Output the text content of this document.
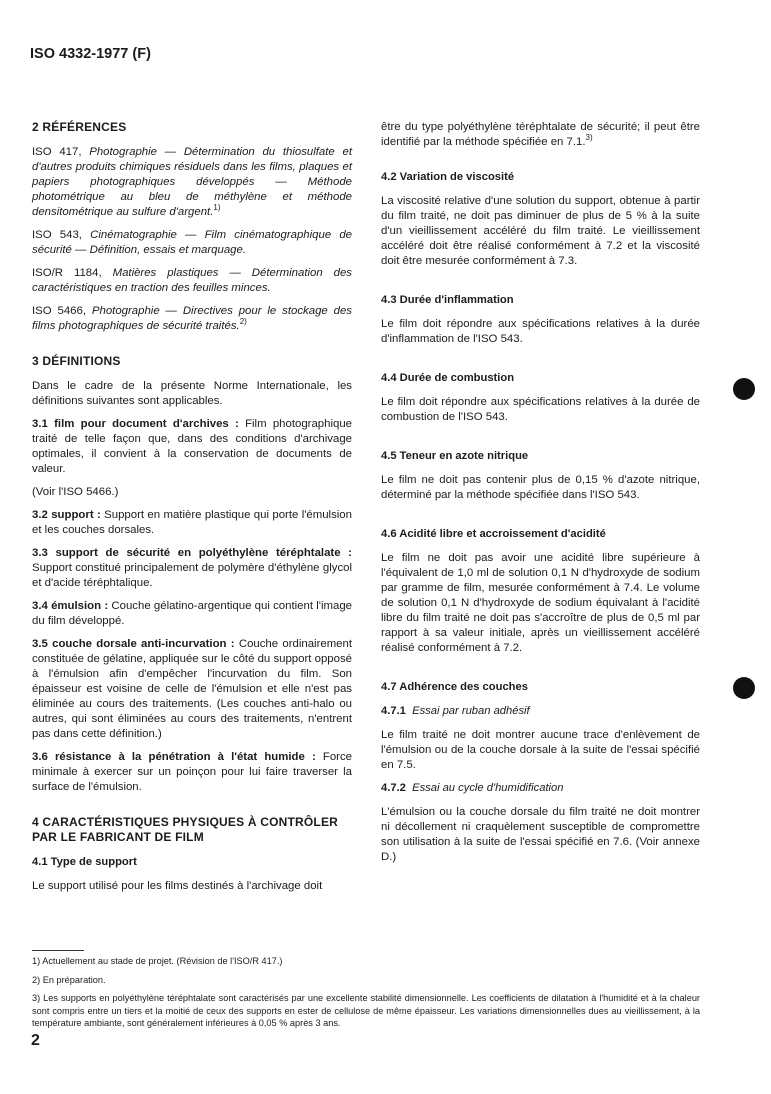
ISO 4332-1977 (F)
2 RÉFÉRENCES

ISO 417, Photographie — Détermination du thiosulfate et d'autres produits chimiques résiduels dans les films, plaques et papiers photographiques développés — Méthode photométrique au bleu de méthylène et méthode densitométrique au sulfure d'argent.$^{1)}$

ISO 543, Cinématographie — Film cinématographique de sécurité — Définition, essais et marquage.

ISO/R 1184, Matières plastiques — Détermination des caractéristiques en traction des feuilles minces.

ISO 5466, Photographie — Directives pour le stockage des films photographiques de sécurité traités.$^{2)}$

3 DÉFINITIONS

Dans le cadre de la présente Norme Internationale, les définitions suivantes sont applicables.

3.1 film pour document d'archives : Film photographique traité de telle façon que, dans des conditions d'archivage optimales, il convient à la conservation de documents de valeur.

(Voir l'ISO 5466.)

3.2 support : Support en matière plastique qui porte l'émulsion et les couches dorsales.

3.3 support de sécurité en polyéthylène téréphtalate : Support constitué principalement de polymère d'éthylène glycol et d'acide téréphtalique.

3.4 émulsion : Couche gélatino-argentique qui contient l'image du film développé.

3.5 couche dorsale anti-incurvation : Couche ordinairement constituée de gélatine, appliquée sur le côté du support opposé à l'émulsion afin d'empêcher l'incurvation du film. Son épaisseur est voisine de celle de l'émulsion et elle n'est pas éliminée au cours des traitements. (Les couches anti-halo ou autres, qui sont éliminées au cours des traitements, n'entrent pas dans cette définition.)

3.6 résistance à la pénétration à l'état humide : Force minimale à exercer sur un poinçon pour lui faire traverser la surface de l'émulsion.

4 CARACTÉRISTIQUES PHYSIQUES À CONTRÔLER PAR LE FABRICANT DE FILM
4.1 Type de support

Le support utilisé pour les films destinés à l'archivage doit

être du type polyéthylène téréphtalate de sécurité; il peut être identifié par la méthode spécifiée en 7.1.$^{3)}$

4.2 Variation de viscosité

La viscosité relative d'une solution du support, obtenue à partir du film traité, ne doit pas diminuer de plus de 5 % à la suite d'un vieillissement accéléré du film traité. Le vieillissement accéléré doit être réalisé conformément à 7.2 et la viscosité doit être mesurée conformément à 7.3.

4.3 Durée d'inflammation

Le film doit répondre aux spécifications relatives à la durée d'inflammation de l'ISO 543.

4.4 Durée de combustion

Le film doit répondre aux spécifications relatives à la durée de combustion de l'ISO 543.

4.5 Teneur en azote nitrique

Le film ne doit pas contenir plus de 0,15 % d'azote nitrique, déterminé par la méthode spécifiée dans l'ISO 543.

4.6 Acidité libre et accroissement d'acidité

Le film ne doit pas avoir une acidité libre supérieure à l'équivalent de 1,0 ml de solution 0,1 N d'hydroxyde de sodium par gramme de film, mesurée conformément à 7.4. Le volume de solution 0,1 N d'hydroxyde de sodium équivalant à l'acidité libre du film traité ne doit pas s'accroître de plus de 0,5 ml par rapport à sa valeur initiale, après un vieillissement accéléré réalisé conformément à 7.2.

4.7 Adhérence des couches
4.7.1 Essai par ruban adhésif

Le film traité ne doit montrer aucune trace d'enlèvement de l'émulsion ou de la couche dorsale à la suite de l'essai spécifié en 7.5.

4.7.2 Essai au cycle d'humidification

L'émulsion ou la couche dorsale du film traité ne doit montrer ni décollement ni craquèlement susceptible de compromettre son utilisation à la suite de l'essai spécifié en 7.6. (Voir annexe D.)

1) Actuellement au stade de projet. (Révision de l'ISO/R 417.)

2) En préparation.

3) Les supports en polyéthylène téréphtalate sont caractérisés par une excellente stabilité dimensionnelle. Les coefficients de dilatation à l'humidité et à la chaleur sont compris entre un tiers et la moitié de ceux des supports en ester de cellulose de même épaisseur. Les variations dimensionnelles dues au vieillissement, à la température ambiante, sont généralement inférieures à 0,05 % après 3 ans.

2
